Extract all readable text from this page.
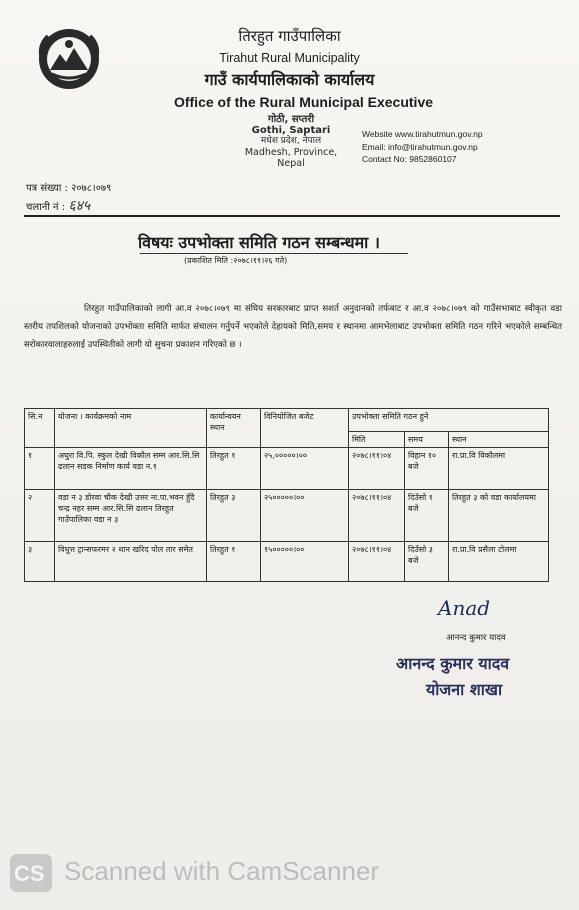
तिरहुत गाउँपालिका
Tirahut Rural Municipality
गाउँ कार्यपालिकाको कार्यालय
Office of the Rural Municipal Executive
गोठी, सप्तरी
Gothi, Saptari
मधेश प्रदेश, नेपाल
Madhesh, Province, Nepal
Website www.tirahutmun.gov.np
Email: info@tirahutmun.gov.np
Contact No: 9852860107
पत्र संख्या : २०७८।०७९
चलानी नं : ६४५
विषयः उपभोक्ता समिति गठन सम्बन्धमा ।
(प्रकाशित मिति :२०७८।११।२६ गते)
तिरहुत गाउँपालिकाको लागी आ.व २०७८।०७९ मा संघिय सरकारबाट प्राप्त सशर्त अनुदानको तर्फबाट र आ.व २०७८।०७९ को गाउँसभाबाट स्वीकृत वडा स्तरीय तपशिलको योजनाको उपभोक्ता समिति मार्फत संचालन गर्नुपर्ने भएकोले देहायको मिति,समय र स्थानमा आमभेलाबाट उपभोक्ता समिति गठन गरिने भएकोले सम्बन्धित सरोकारवालाहरुलाई उपस्थितीको लागी यो सुचना प्रकाशन गरिएको छ ।
सि.न	योजना । कार्यक्रमको नाम	कार्यान्वयन स्थान	विनियोजित बजेट	उपभोक्ता समिति गठन हुने		
				मिति	समय	स्थान
१	अघुरा वि.पि. स्कुल देखी विकौल सम्म आर.सि.सि ढलान सडक निर्माण कार्य वडा न.१	तिरहुत १	२५,०००००।००	२०७८।११।०४	विहान १० बजे	रा.प्रा.वि विकौलमा
२	वडा न ३ डोरवा चौक देखी उत्तर ना.पा.भवन हुँदै चन्द्र नहर सम्म आर.सि.सि ढलान तिरहुत गाउँपालिका वडा न ३	तिरहुत ३	२५०००००।००	२०७८।११।०४	दिउँसो १ बजे	तिरहुत ३ को वडा कार्यालयमा
३	विधुत्त ट्रान्सफरमर २ थान खरिद पोल तार समेत	तिरहुत १	१५०००००।००	२०७८।११।०४	दिउँसो ३ बजे	रा.प्रा.वि प्रसैला टोलमा
Anad
आनन्द कुमार यादव
आनन्द कुमार यादव
योजना शाखा
CS Scanned with CamScanner
